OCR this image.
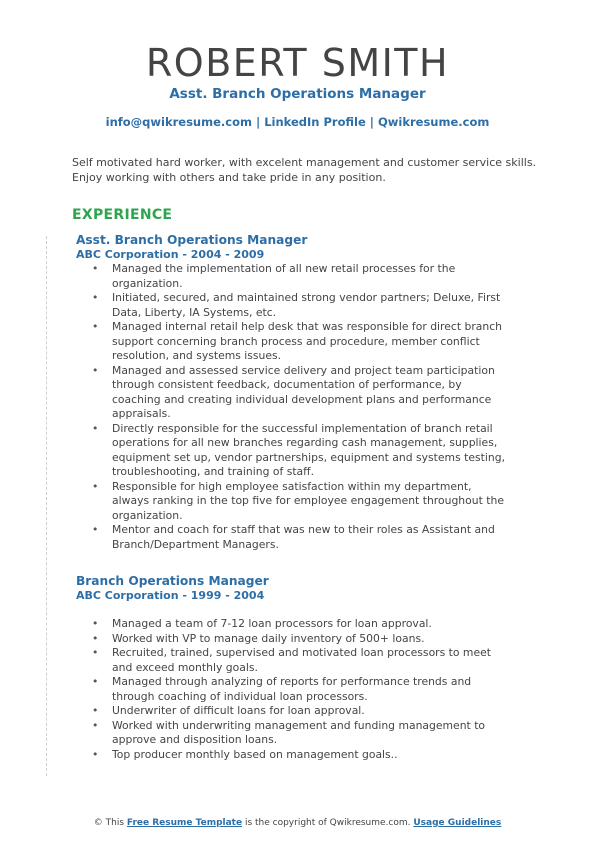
ROBERT SMITH
Asst. Branch Operations Manager
info@qwikresume.com | LinkedIn Profile | Qwikresume.com
Self motivated hard worker, with excelent management and customer service skills. Enjoy working with others and take pride in any position.
EXPERIENCE
Asst. Branch Operations Manager
ABC Corporation - 2004 - 2009
• Managed the implementation of all new retail processes for the organization.
• Initiated, secured, and maintained strong vendor partners; Deluxe, First Data, Liberty, IA Systems, etc.
• Managed internal retail help desk that was responsible for direct branch support concerning branch process and procedure, member conflict resolution, and systems issues.
• Managed and assessed service delivery and project team participation through consistent feedback, documentation of performance, by coaching and creating individual development plans and performance appraisals.
• Directly responsible for the successful implementation of branch retail operations for all new branches regarding cash management, supplies, equipment set up, vendor partnerships, equipment and systems testing, troubleshooting, and training of staff.
• Responsible for high employee satisfaction within my department, always ranking in the top five for employee engagement throughout the organization.
• Mentor and coach for staff that was new to their roles as Assistant and Branch/Department Managers.
Branch Operations Manager
ABC Corporation - 1999 - 2004
• Managed a team of 7-12 loan processors for loan approval.
• Worked with VP to manage daily inventory of 500+ loans.
• Recruited, trained, supervised and motivated loan processors to meet and exceed monthly goals.
• Managed through analyzing of reports for performance trends and through coaching of individual loan processors.
• Underwriter of difficult loans for loan approval.
• Worked with underwriting management and funding management to approve and disposition loans.
• Top producer monthly based on management goals..
© This Free Resume Template is the copyright of Qwikresume.com. Usage Guidelines
